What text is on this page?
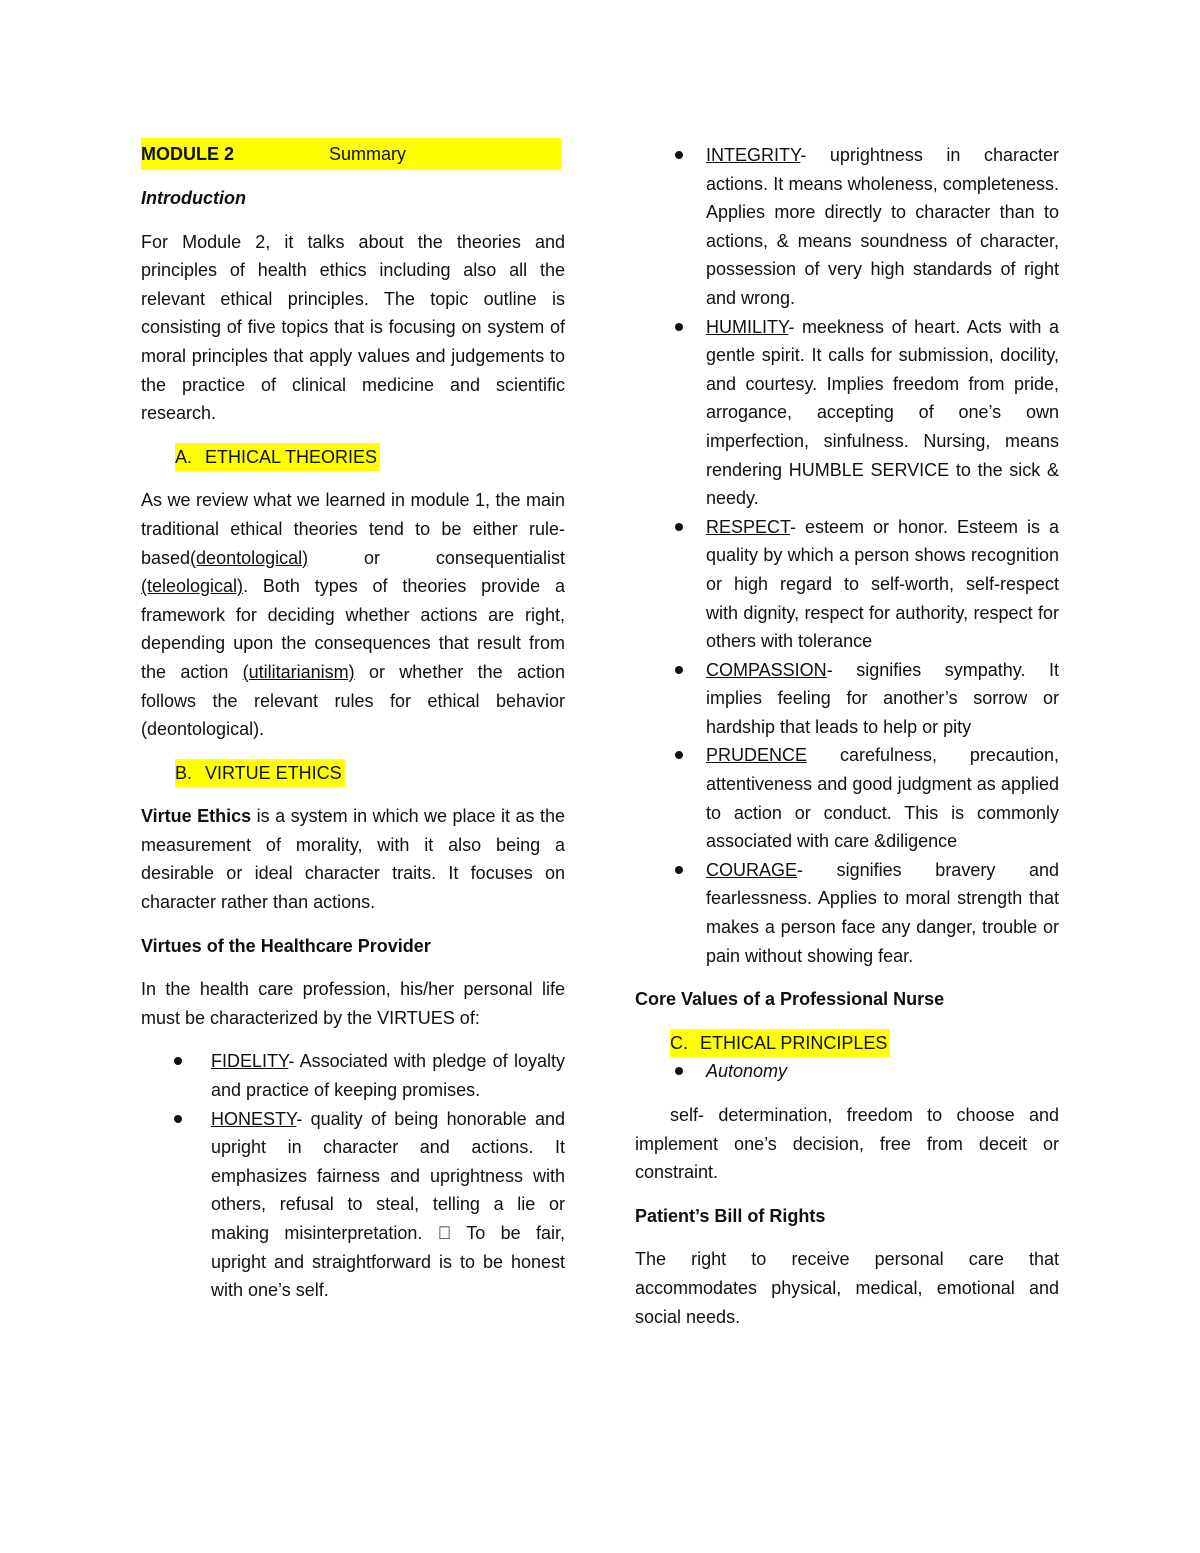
MODULE 2	Summary

Introduction

For Module 2, it talks about the theories and principles of health ethics including also all the relevant ethical principles. The topic outline is consisting of five topics that is focusing on system of moral principles that apply values and judgements to the practice of clinical medicine and scientific research.

A. ETHICAL THEORIES

As we review what we learned in module 1, the main traditional ethical theories tend to be either rule-based(deontological) or consequentialist (teleological). Both types of theories provide a framework for deciding whether actions are right, depending upon the consequences that result from the action (utilitarianism) or whether the action follows the relevant rules for ethical behavior (deontological).

B. VIRTUE ETHICS

Virtue Ethics is a system in which we place it as the measurement of morality, with it also being a desirable or ideal character traits. It focuses on character rather than actions.

Virtues of the Healthcare Provider

In the health care profession, his/her personal life must be characterized by the VIRTUES of:

FIDELITY- Associated with pledge of loyalty and practice of keeping promises.
HONESTY- quality of being honorable and upright in character and actions. It emphasizes fairness and uprightness with others, refusal to steal, telling a lie or making misinterpretation.   To be fair, upright and straightforward is to be honest with one’s self.
INTEGRITY- uprightness in character actions. It means wholeness, completeness. Applies more directly to character than to actions, & means soundness of character, possession of very high standards of right and wrong.
HUMILITY- meekness of heart. Acts with a gentle spirit. It calls for submission, docility, and courtesy. Implies freedom from pride, arrogance, accepting of one’s own imperfection, sinfulness. Nursing, means rendering HUMBLE SERVICE to the sick & needy.
RESPECT- esteem or honor. Esteem is a quality by which a person shows recognition or high regard to self-worth, self-respect with dignity, respect for authority, respect for others with tolerance
COMPASSION- signifies sympathy. It implies feeling for another’s sorrow or hardship that leads to help or pity
PRUDENCE carefulness, precaution, attentiveness and good judgment as applied to action or conduct. This is commonly associated with care &diligence
COURAGE- signifies bravery and fearlessness. Applies to moral strength that makes a person face any danger, trouble or pain without showing fear.

Core Values of a Professional Nurse

C. ETHICAL PRINCIPLES

Autonomy

self- determination, freedom to choose and implement one’s decision, free from deceit or constraint.

Patient’s Bill of Rights

The right to receive personal care that accommodates physical, medical, emotional and social needs.
